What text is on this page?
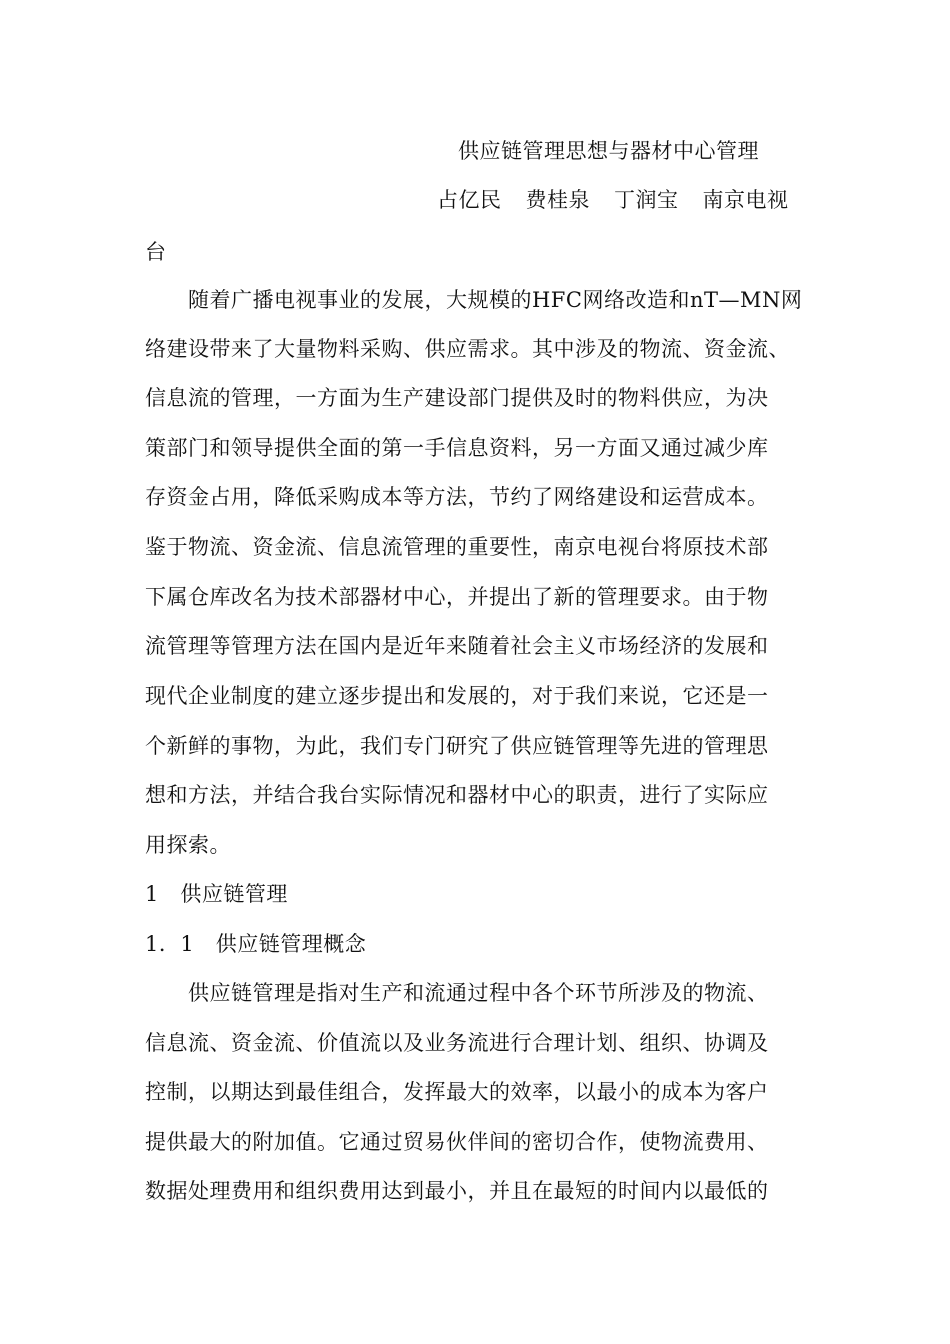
供应链管理思想与器材中心管理
占亿民 费桂泉 丁润宝 南京电视
台
随着广播电视事业的发展，大规模的HFC网络改造和nT—MN网
络建设带来了大量物料采购、供应需求。其中涉及的物流、资金流、
信息流的管理，一方面为生产建设部门提供及时的物料供应，为决
策部门和领导提供全面的第一手信息资料，另一方面又通过减少库
存资金占用，降低采购成本等方法，节约了网络建设和运营成本。
鉴于物流、资金流、信息流管理的重要性，南京电视台将原技术部
下属仓库改名为技术部器材中心，并提出了新的管理要求。由于物
流管理等管理方法在国内是近年来随着社会主义市场经济的发展和
现代企业制度的建立逐步提出和发展的，对于我们来说，它还是一
个新鲜的事物，为此，我们专门研究了供应链管理等先进的管理思
想和方法，并结合我台实际情况和器材中心的职责，进行了实际应
用探索。
1　供应链管理
1．1　供应链管理概念
供应链管理是指对生产和流通过程中各个环节所涉及的物流、
信息流、资金流、价值流以及业务流进行合理计划、组织、协调及
控制，以期达到最佳组合，发挥最大的效率，以最小的成本为客户
提供最大的附加值。它通过贸易伙伴间的密切合作，使物流费用、
数据处理费用和组织费用达到最小，并且在最短的时间内以最低的
